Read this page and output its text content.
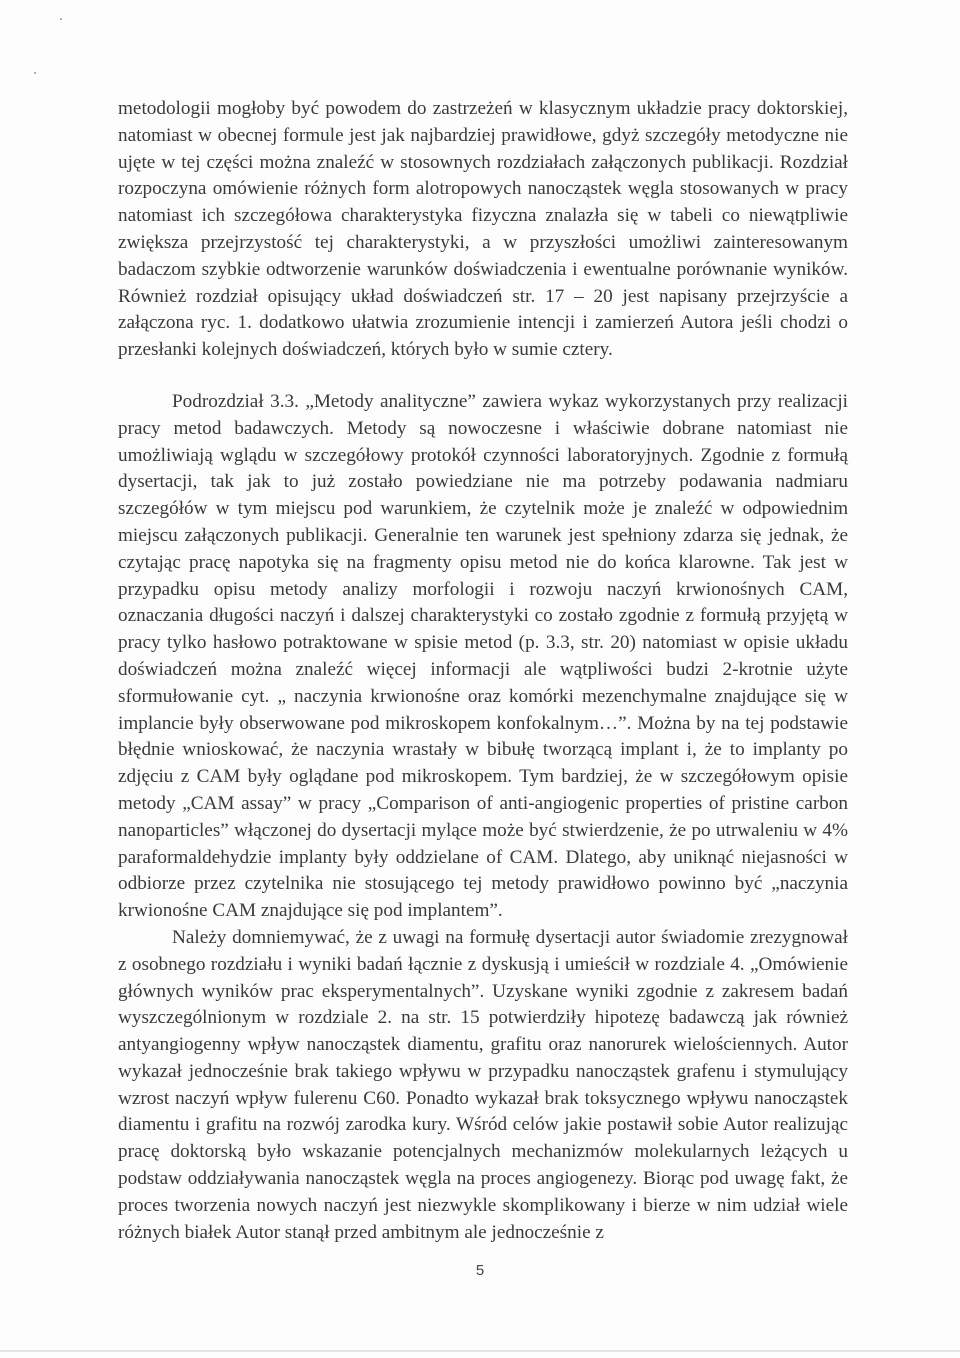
metodologii mogłoby być powodem do zastrzeżeń w klasycznym układzie pracy doktorskiej, natomiast w obecnej formule jest jak najbardziej prawidłowe, gdyż szczegóły metodyczne nie ujęte w tej części można znaleźć w stosownych rozdziałach załączonych publikacji. Rozdział rozpoczyna omówienie różnych form alotropowych nanocząstek węgla stosowanych w pracy natomiast ich szczegółowa charakterystyka fizyczna znalazła się w tabeli co niewątpliwie zwiększa przejrzystość tej charakterystyki, a w przyszłości umożliwi zainteresowanym badaczom szybkie odtworzenie warunków doświadczenia i ewentualne porównanie wyników. Również rozdział opisujący układ doświadczeń str. 17 – 20 jest napisany przejrzyście a załączona ryc. 1. dodatkowo ułatwia zrozumienie intencji i zamierzeń Autora jeśli chodzi o przesłanki kolejnych doświadczeń, których było w sumie cztery.

Podrozdział 3.3. „Metody analityczne” zawiera wykaz wykorzystanych przy realizacji pracy metod badawczych. Metody są nowoczesne i właściwie dobrane natomiast nie umożliwiają wglądu w szczegółowy protokół czynności laboratoryjnych. Zgodnie z formułą dysertacji, tak jak to już zostało powiedziane nie ma potrzeby podawania nadmiaru szczegółów w tym miejscu pod warunkiem, że czytelnik może je znaleźć w odpowiednim miejscu załączonych publikacji. Generalnie ten warunek jest spełniony zdarza się jednak, że czytając pracę napotyka się na fragmenty opisu metod nie do końca klarowne. Tak jest w przypadku opisu metody analizy morfologii i rozwoju naczyń krwionośnych CAM, oznaczania długości naczyń i dalszej charakterystyki co zostało zgodnie z formułą przyjętą w pracy tylko hasłowo potraktowane w spisie metod (p. 3.3, str. 20) natomiast w opisie układu doświadczeń można znaleźć więcej informacji ale wątpliwości budzi 2-krotnie użyte sformułowanie cyt. „ naczynia krwionośne oraz komórki mezenchymalne znajdujące się w implancie były obserwowane pod mikroskopem konfokalnym…”. Można by na tej podstawie błędnie wnioskować, że naczynia wrastały w bibułę tworzącą implant i, że to implanty po zdjęciu z CAM były oglądane pod mikroskopem. Tym bardziej, że w szczegółowym opisie metody „CAM assay” w pracy „Comparison of anti-angiogenic properties of pristine carbon nanoparticles” włączonej do dysertacji mylące może być stwierdzenie, że po utrwaleniu w 4% paraformaldehydzie implanty były oddzielane of CAM. Dlatego, aby uniknąć niejasności w odbiorze przez czytelnika nie stosującego tej metody prawidłowo powinno być „naczynia krwionośne CAM znajdujące się pod implantem”.

Należy domniemywać, że z uwagi na formułę dysertacji autor świadomie zrezygnował z osobnego rozdziału i wyniki badań łącznie z dyskusją i umieścił w rozdziale 4. „Omówienie głównych wyników prac eksperymentalnych”. Uzyskane wyniki zgodnie z zakresem badań wyszczególnionym w rozdziale 2. na str. 15 potwierdziły hipotezę badawczą jak również antyangiogenny wpływ nanocząstek diamentu, grafitu oraz nanorurek wielościennych. Autor wykazał jednocześnie brak takiego wpływu w przypadku nanocząstek grafenu i stymulujący wzrost naczyń wpływ fulerenu C60. Ponadto wykazał brak toksycznego wpływu nanocząstek diamentu i grafitu na rozwój zarodka kury. Wśród celów jakie postawił sobie Autor realizując pracę doktorską było wskazanie potencjalnych mechanizmów molekularnych leżących u podstaw oddziaływania nanocząstek węgla na proces angiogenezy. Biorąc pod uwagę fakt, że proces tworzenia nowych naczyń jest niezwykle skomplikowany i bierze w nim udział wiele różnych białek Autor stanął przed ambitnym ale jednocześnie z

5
